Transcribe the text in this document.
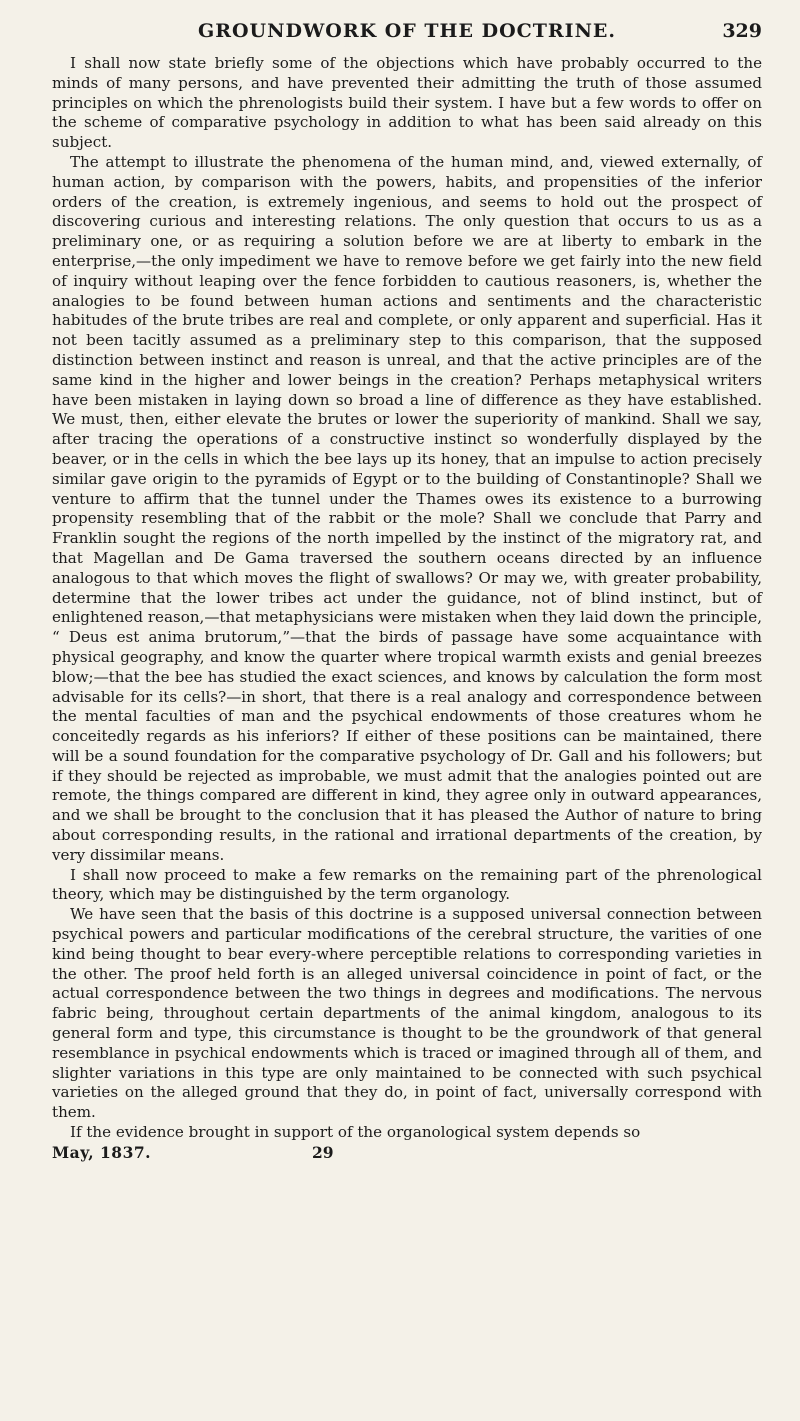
GROUNDWORK OF THE DOCTRINE.	329

I shall now state briefly some of the objections which have probably occurred to the minds of many persons, and have prevented their admitting the truth of those assumed principles on which the phrenologists build their system. I have but a few words to offer on the scheme of comparative psychology in addition to what has been said already on this subject.

The attempt to illustrate the phenomena of the human mind, and, viewed externally, of human action, by comparison with the powers, habits, and propensities of the inferior orders of the creation, is extremely ingenious, and seems to hold out the prospect of discovering curious and interesting relations. The only question that occurs to us as a preliminary one, or as requiring a solution before we are at liberty to embark in the enterprise,—the only impediment we have to remove before we get fairly into the new field of inquiry without leaping over the fence forbidden to cautious reasoners, is, whether the analogies to be found between human actions and sentiments and the characteristic habitudes of the brute tribes are real and complete, or only apparent and superficial. Has it not been tacitly assumed as a preliminary step to this comparison, that the supposed distinction between instinct and reason is unreal, and that the active principles are of the same kind in the higher and lower beings in the creation? Perhaps metaphysical writers have been mistaken in laying down so broad a line of difference as they have established. We must, then, either elevate the brutes or lower the superiority of mankind. Shall we say, after tracing the operations of a constructive instinct so wonderfully displayed by the beaver, or in the cells in which the bee lays up its honey, that an impulse to action precisely similar gave origin to the pyramids of Egypt or to the building of Constantinople? Shall we venture to affirm that the tunnel under the Thames owes its existence to a burrowing propensity resembling that of the rabbit or the mole? Shall we conclude that Parry and Franklin sought the regions of the north impelled by the instinct of the migratory rat, and that Magellan and De Gama traversed the southern oceans directed by an influence analogous to that which moves the flight of swallows? Or may we, with greater probability, determine that the lower tribes act under the guidance, not of blind instinct, but of enlightened reason,—that metaphysicians were mistaken when they laid down the principle, “ Deus est anima brutorum,”—that the birds of passage have some acquaintance with physical geography, and know the quarter where tropical warmth exists and genial breezes blow;—that the bee has studied the exact sciences, and knows by calculation the form most advisable for its cells?—in short, that there is a real analogy and correspondence between the mental faculties of man and the psychical endowments of those creatures whom he conceitedly regards as his inferiors? If either of these positions can be maintained, there will be a sound foundation for the comparative psychology of Dr. Gall and his followers; but if they should be rejected as improbable, we must admit that the analogies pointed out are remote, the things compared are different in kind, they agree only in outward appearances, and we shall be brought to the conclusion that it has pleased the Author of nature to bring about corresponding results, in the rational and irrational departments of the creation, by very dissimilar means.

I shall now proceed to make a few remarks on the remaining part of the phrenological theory, which may be distinguished by the term organology.

We have seen that the basis of this doctrine is a supposed universal connection between psychical powers and particular modifications of the cerebral structure, the varities of one kind being thought to bear every-where perceptible relations to corresponding varieties in the other. The proof held forth is an alleged universal coincidence in point of fact, or the actual correspondence between the two things in degrees and modifications. The nervous fabric being, throughout certain departments of the animal kingdom, analogous to its general form and type, this circumstance is thought to be the groundwork of that general resemblance in psychical endowments which is traced or imagined through all of them, and slighter variations in this type are only maintained to be connected with such psychical varieties on the alleged ground that they do, in point of fact, universally correspond with them.

If the evidence brought in support of the organological system depends so

May, 1837.	29
